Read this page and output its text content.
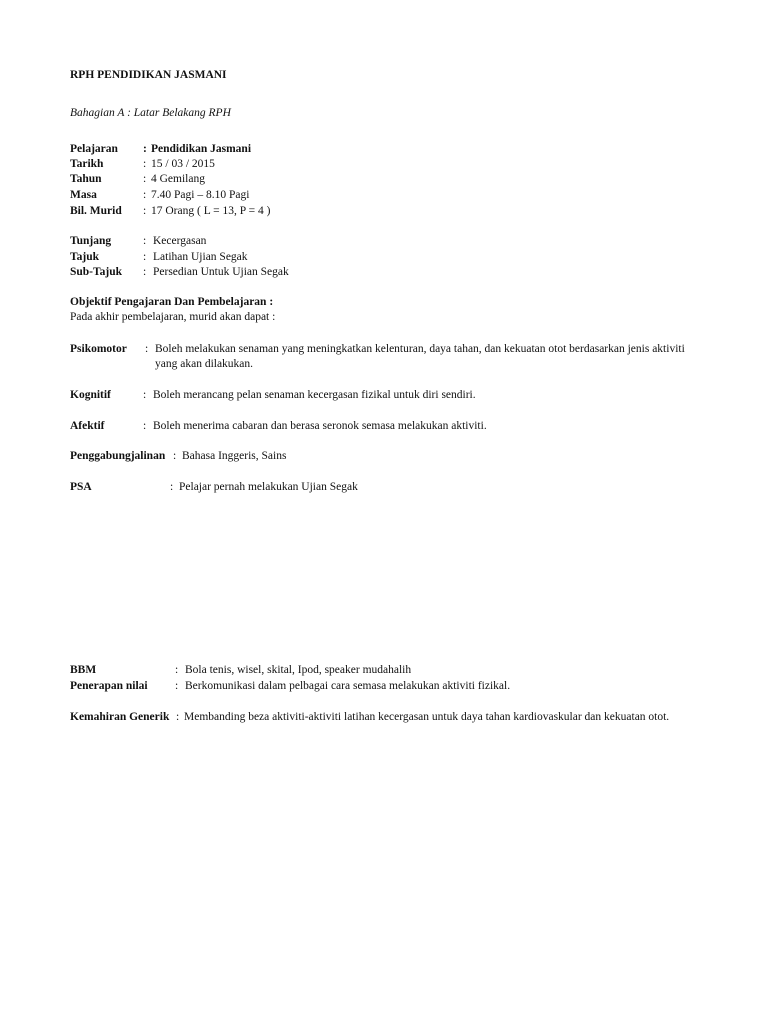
RPH PENDIDIKAN JASMANI
Bahagian A : Latar Belakang RPH
Pelajaran : Pendidikan Jasmani
Tarikh	: 15 / 03 / 2015
Tahun	: 4 Gemilang
Masa	: 7.40 Pagi – 8.10 Pagi
Bil. Murid : 17 Orang ( L = 13, P = 4 )
Tunjang	: Kecergasan
Tajuk	: Latihan Ujian Segak
Sub-Tajuk : Persedian Untuk Ujian Segak
Objektif Pengajaran Dan Pembelajaran :
Pada akhir pembelajaran, murid akan dapat :
Psikomotor : Boleh melakukan senaman yang meningkatkan kelenturan, daya tahan, dan kekuatan otot berdasarkan jenis aktiviti
yang akan dilakukan.
Kognitif	: Boleh merancang pelan senaman kecergasan fizikal untuk diri sendiri.
Afektif	: Boleh menerima cabaran dan berasa seronok semasa melakukan aktiviti.
Penggabungjalinan : Bahasa Inggeris, Sains
PSA	: Pelajar pernah melakukan Ujian Segak
BBM	: Bola tenis, wisel, skital, Ipod, speaker mudahalih
Penerapan nilai : Berkomunikasi dalam pelbagai cara semasa melakukan aktiviti fizikal.
Kemahiran Generik : Membanding beza aktiviti-aktiviti latihan kecergasan untuk daya tahan kardiovaskular dan kekuatan otot.
